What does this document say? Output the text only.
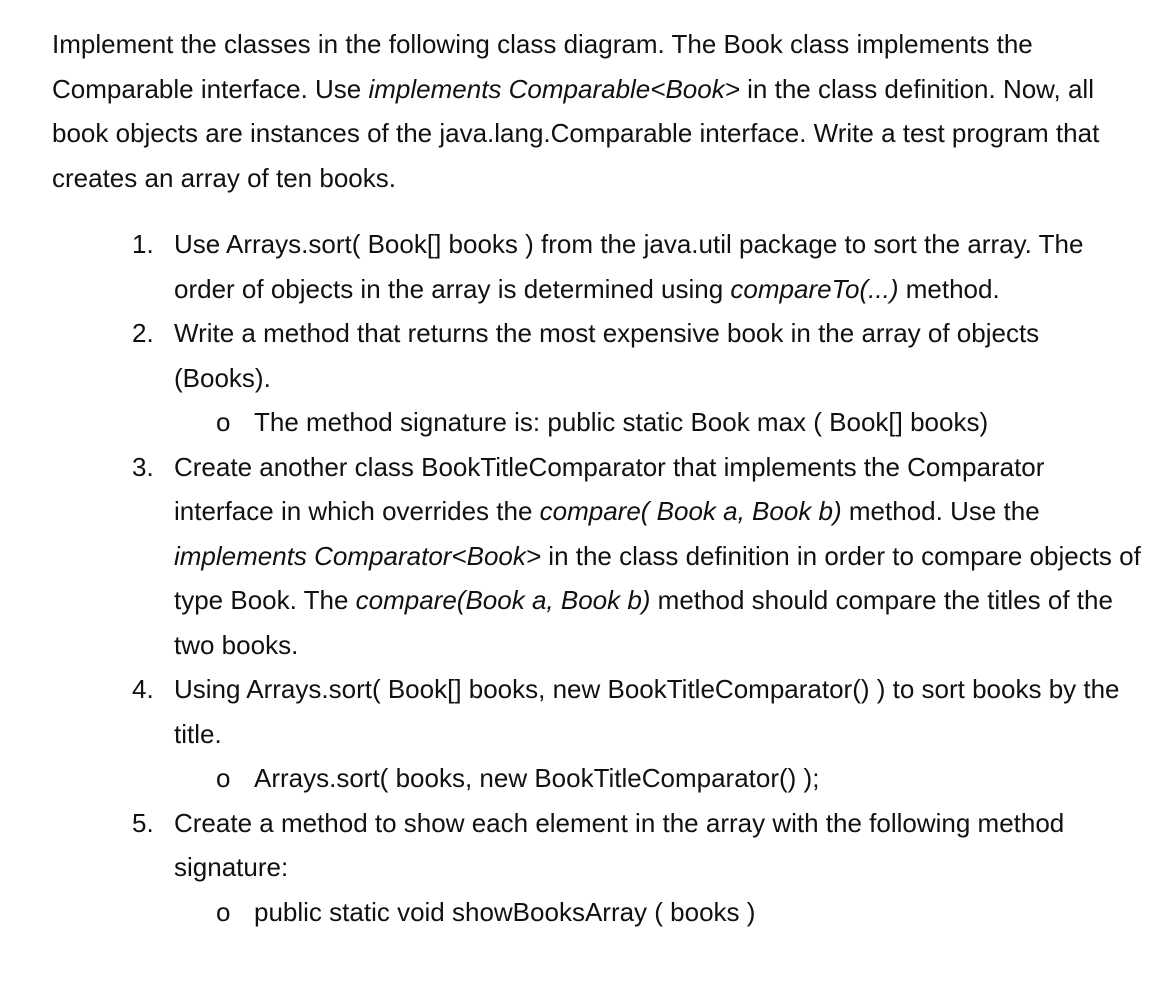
Implement the classes in the following class diagram. The Book class implements the Comparable interface. Use implements Comparable<Book> in the class definition. Now, all book objects are instances of the java.lang.Comparable interface. Write a test program that creates an array of ten books.

1. Use Arrays.sort( Book[] books ) from the java.util package to sort the array. The order of objects in the array is determined using compareTo(...) method.
2. Write a method that returns the most expensive book in the array of objects (Books).
o The method signature is: public static Book max ( Book[] books)
3. Create another class BookTitleComparator that implements the Comparator interface in which overrides the compare( Book a, Book b) method. Use the implements Comparator<Book> in the class definition in order to compare objects of type Book. The compare(Book a, Book b) method should compare the titles of the two books.
4. Using Arrays.sort( Book[] books, new BookTitleComparator() ) to sort books by the title.
o Arrays.sort( books, new BookTitleComparator() );
5. Create a method to show each element in the array with the following method signature:
o public static void showBooksArray ( books )
